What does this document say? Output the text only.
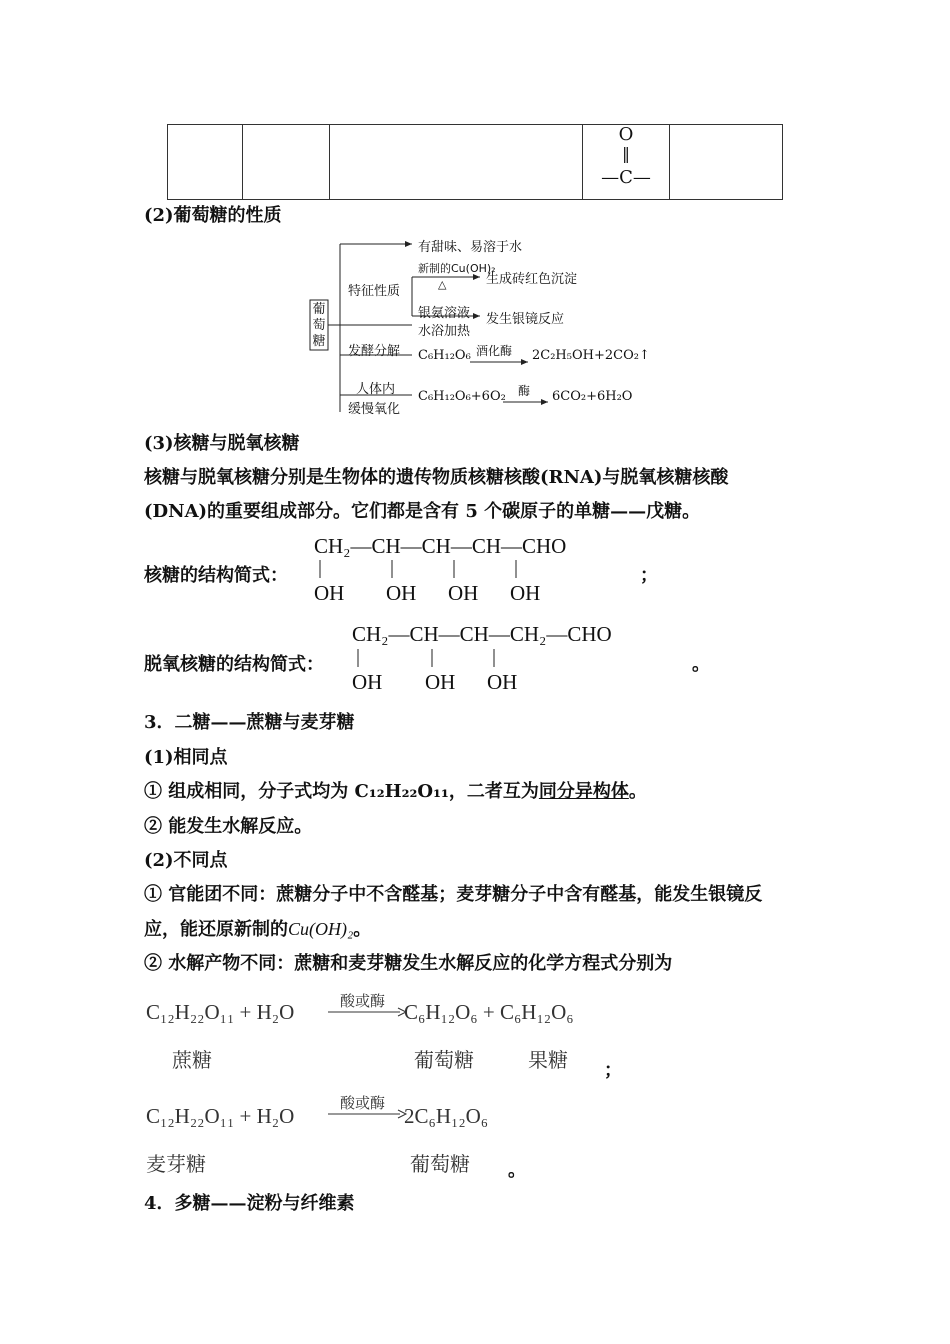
O
‖
—C—

(2)葡萄糖的性质
葡萄糖
有甜味、易溶于水
特征性质
新制的Cu(OH)₂
△	生成砖红色沉淀
银氨溶液
水浴加热
发生银镜反应
发酵分解 C₆H₁₂O₆ 酒化酶 2C₂H₅OH+2CO₂↑
人体内
缓慢氧化
C₆H₁₂O₆+6O₂ 酶 6CO₂+6H₂O
(3)核糖与脱氧核糖
核糖与脱氧核糖分别是生物体的遗传物质核糖核酸(RNA)与脱氧核糖核酸
(DNA)的重要组成部分。它们都是含有 5 个碳原子的单糖——戊糖。
核糖的结构简式：
CH₂—CH—CH—CH—CHO
OH OH OH OH
；
脱氧核糖的结构简式：
CH₂—CH—CH—CH₂—CHO
OH OH OH
。
3．二糖——蔗糖与麦芽糖
(1)相同点
① 组成相同，分子式均为 C₁₂H₂₂O₁₁，二者互为同分异构体。
② 能发生水解反应。
(2)不同点
① 官能团不同：蔗糖分子中不含醛基；麦芽糖分子中含有醛基，能发生银镜反
应，能还原新制的Cu(OH)₂。
② 水解产物不同：蔗糖和麦芽糖发生水解反应的化学方程式分别为
C₁₂H₂₂O₁₁ + H₂O	酸或酶 C₆H₁₂O₆ + C₆H₁₂O₆
蔗糖	葡萄糖	果糖 ；
C₁₂H₂₂O₁₁ + H₂O
酸或酶
2C₆H₁₂O₆
麦芽糖	葡萄糖 。
4．多糖——淀粉与纤维素
